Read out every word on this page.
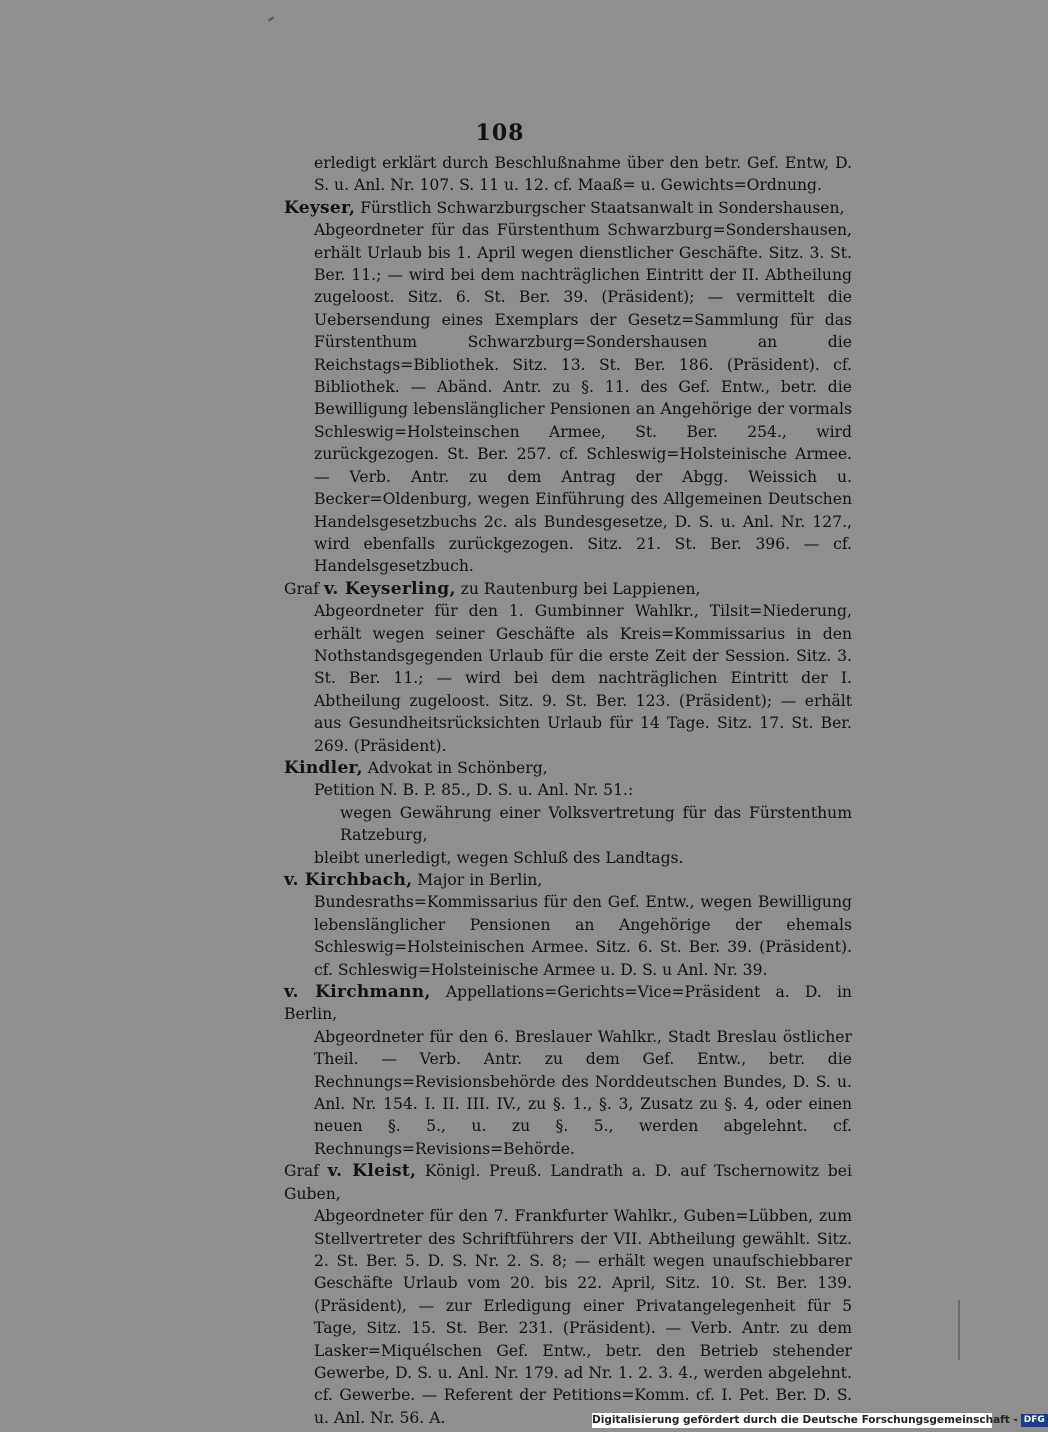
108

erledigt erklärt durch Beschlußnahme über den betr. Gef. Entw, D. S. u. Anl. Nr. 107. S. 11 u. 12. cf. Maaß= u. Gewichts=Ordnung.

Keyser, Fürstlich Schwarzburgscher Staatsanwalt in Sondershausen,

Abgeordneter für das Fürstenthum Schwarzburg=Sondershausen, erhält Urlaub bis 1. April wegen dienstlicher Geschäfte. Sitz. 3. St. Ber. 11.; — wird bei dem nachträglichen Eintritt der II. Abtheilung zugeloost. Sitz. 6. St. Ber. 39. (Präsident); — vermittelt die Uebersendung eines Exemplars der Gesetz=Sammlung für das Fürstenthum Schwarzburg=Sondershausen an die Reichstags=Bibliothek. Sitz. 13. St. Ber. 186. (Präsident). cf. Bibliothek. — Abänd. Antr. zu §. 11. des Gef. Entw., betr. die Bewilligung lebenslänglicher Pensionen an Angehörige der vormals Schleswig=Holsteinschen Armee, St. Ber. 254., wird zurückgezogen. St. Ber. 257. cf. Schleswig=Holsteinische Armee. — Verb. Antr. zu dem Antrag der Abgg. Weissich u. Becker=Oldenburg, wegen Einführung des Allgemeinen Deutschen Handelsgesetzbuchs 2c. als Bundesgesetze, D. S. u. Anl. Nr. 127., wird ebenfalls zurückgezogen. Sitz. 21. St. Ber. 396. — cf. Handelsgesetzbuch.

Graf v. Keyserling, zu Rautenburg bei Lappienen,

Abgeordneter für den 1. Gumbinner Wahlkr., Tilsit=Niederung, erhält wegen seiner Geschäfte als Kreis=Kommissarius in den Nothstandsgegenden Urlaub für die erste Zeit der Session. Sitz. 3. St. Ber. 11.; — wird bei dem nachträglichen Eintritt der I. Abtheilung zugeloost. Sitz. 9. St. Ber. 123. (Präsident); — erhält aus Gesundheitsrücksichten Urlaub für 14 Tage. Sitz. 17. St. Ber. 269. (Präsident).

Kindler, Advokat in Schönberg,

Petition N. B. P. 85., D. S. u. Anl. Nr. 51.:

wegen Gewährung einer Volksvertretung für das Fürstenthum Ratzeburg,

bleibt unerledigt, wegen Schluß des Landtags.

v. Kirchbach, Major in Berlin,

Bundesraths=Kommissarius für den Gef. Entw., wegen Bewilligung lebenslänglicher Pensionen an Angehörige der ehemals Schleswig=Holsteinischen Armee. Sitz. 6. St. Ber. 39. (Präsident). cf. Schleswig=Holsteinische Armee u. D. S. u Anl. Nr. 39.

v. Kirchmann, Appellations=Gerichts=Vice=Präsident a. D. in Berlin,

Abgeordneter für den 6. Breslauer Wahlkr., Stadt Breslau östlicher Theil. — Verb. Antr. zu dem Gef. Entw., betr. die Rechnungs=Revisionsbehörde des Norddeutschen Bundes, D. S. u. Anl. Nr. 154. I. II. III. IV., zu §. 1., §. 3, Zusatz zu §. 4, oder einen neuen §. 5., u. zu §. 5., werden abgelehnt. cf. Rechnungs=Revisions=Behörde.

Graf v. Kleist, Königl. Preuß. Landrath a. D. auf Tschernowitz bei Guben,

Abgeordneter für den 7. Frankfurter Wahlkr., Guben=Lübben, zum Stellvertreter des Schriftführers der VII. Abtheilung gewählt. Sitz. 2. St. Ber. 5. D. S. Nr. 2. S. 8; — erhält wegen unaufschiebbarer Geschäfte Urlaub vom 20. bis 22. April, Sitz. 10. St. Ber. 139. (Präsident), — zur Erledigung einer Privatangelegenheit für 5 Tage, Sitz. 15. St. Ber. 231. (Präsident). — Verb. Antr. zu dem Lasker=Miquélschen Gef. Entw., betr. den Betrieb stehender Gewerbe, D. S. u. Anl. Nr. 179. ad Nr. 1. 2. 3. 4., werden abgelehnt. cf. Gewerbe. — Referent der Petitions=Komm. cf. I. Pet. Ber. D. S. u. Anl. Nr. 56. A.	Digitalisierung gefördert durch die Deutsche Forschungsgemeinschaft - DFG
